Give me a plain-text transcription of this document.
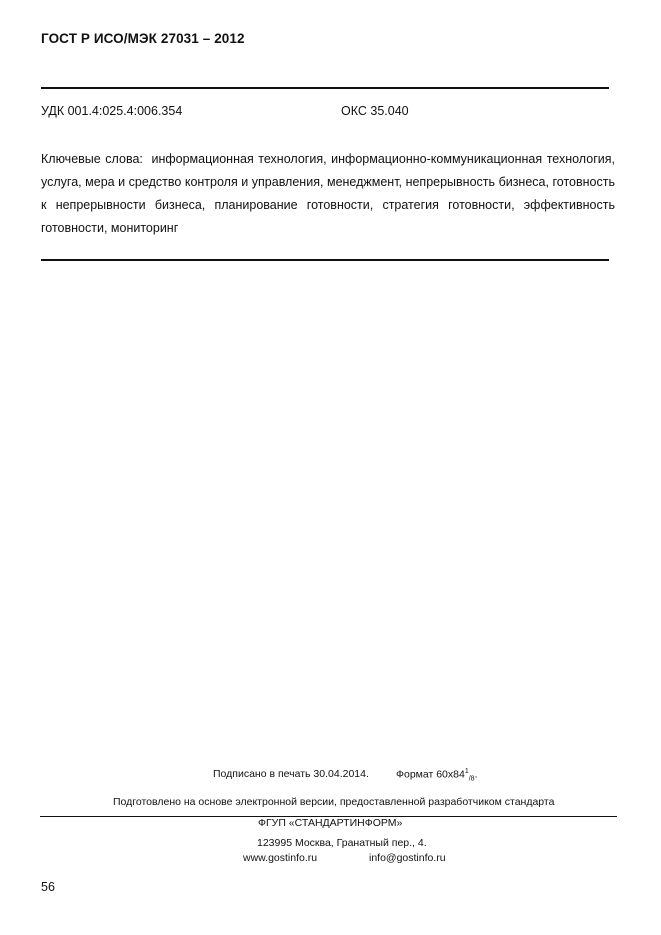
ГОСТ Р ИСО/МЭК 27031 – 2012
УДК 001.4:025.4:006.354	ОКС 35.040
Ключевые слова: информационная технология, информационно-коммуникационная технология, услуга, мера и средство контроля и управления, менеджмент, непрерывность бизнеса, готовность к непрерывности бизнеса, планирование готовности, стратегия готовности, эффективность готовности, мониторинг
Подписано в печать 30.04.2014.	Формат $60x84^1_{/8}$.
Подготовлено на основе электронной версии, предоставленной разработчиком стандарта
ФГУП «СТАНДАРТИНФОРМ»
123995 Москва, Гранатный пер., 4.
www.gostinfo.ru	info@gostinfo.ru
56
